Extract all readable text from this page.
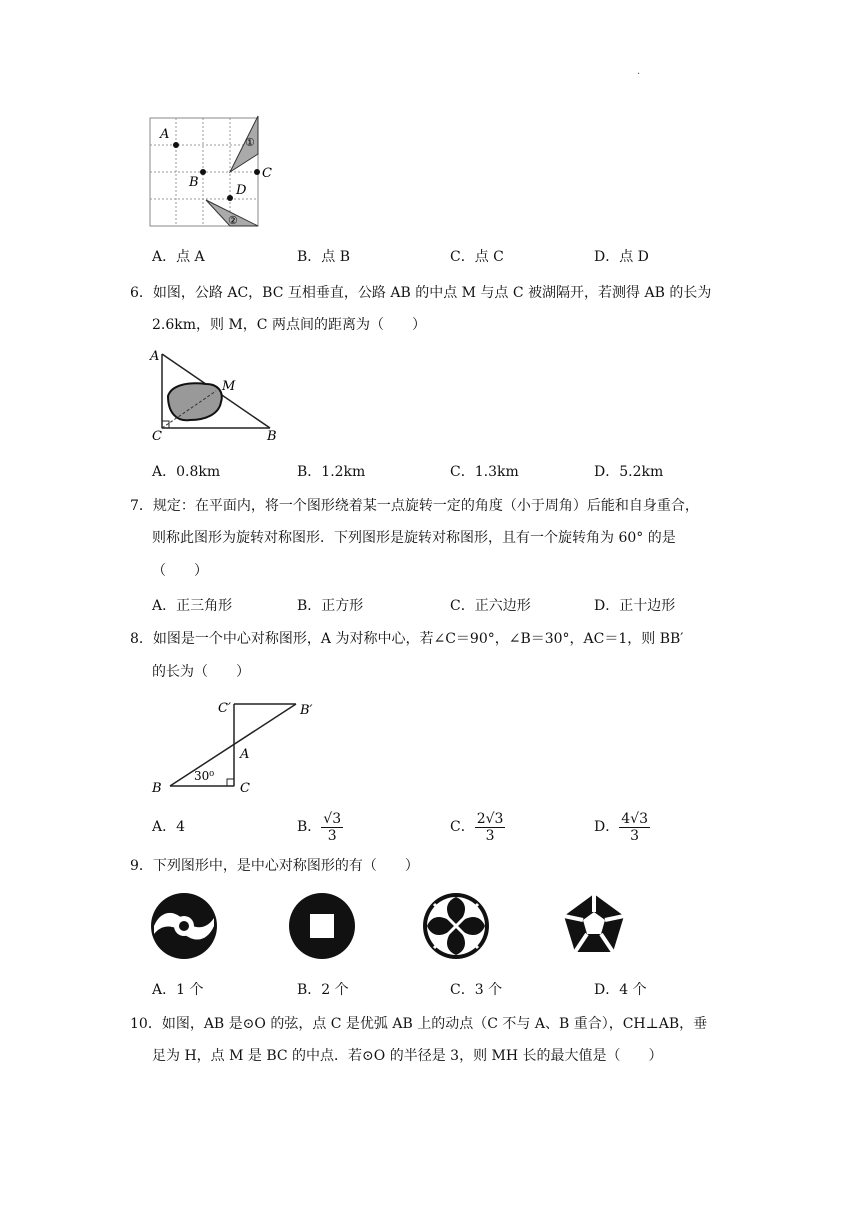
.
A
B
C
D
①
②
A．点 A	B．点 B	C．点 C	D．点 D
6．如图，公路 AC，BC 互相垂直，公路 AB 的中点 M 与点 C 被湖隔开，若测得 AB 的长为
2.6km，则 M，C 两点间的距离为（　　）
A
M
C	B
A．0.8km	B．1.2km	C．1.3km	D．5.2km
7．规定：在平面内，将一个图形绕着某一点旋转一定的角度（小于周角）后能和自身重合，
则称此图形为旋转对称图形．下列图形是旋转对称图形，且有一个旋转角为 60° 的是
（　　）
A．正三角形	B．正方形	C．正六边形	D．正十边形
8．如图是一个中心对称图形，A 为对称中心，若∠C＝90°，∠B＝30°，AC＝1，则 BB′
的长为（　　）
C′	B′
A
B
30⁰
C
A．4	B． $\frac{√3}{3}$	C． $\frac{2√3}{3}$	D． $\frac{4√3}{3}$
9．下列图形中，是中心对称图形的有（　　）
A．1 个	B．2 个	C．3 个	D．4 个
10．如图，AB 是⊙O 的弦，点 C 是优弧 AB 上的动点（C 不与 A、B 重合），CH⊥AB，垂
足为 H，点 M 是 BC 的中点．若⊙O 的半径是 3，则 MH 长的最大值是（　　）
